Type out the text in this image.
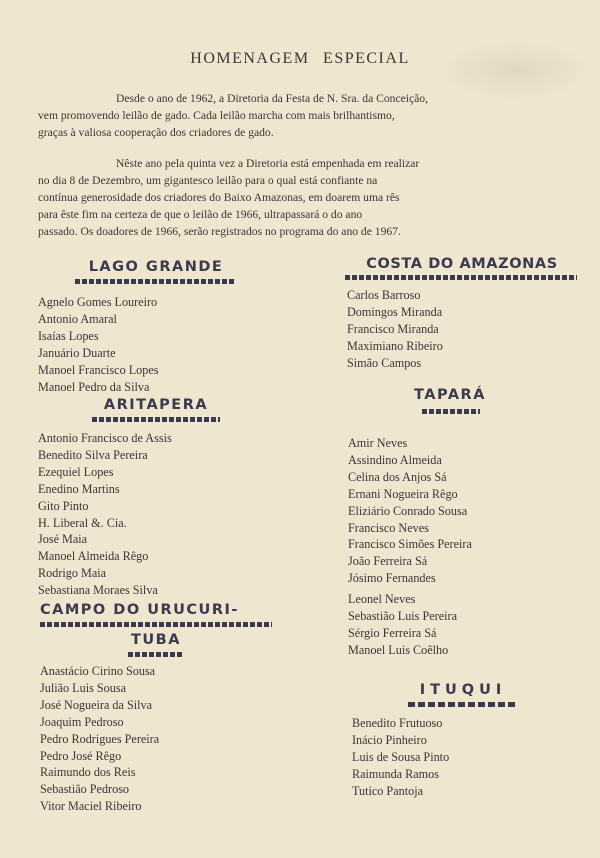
HOMENAGEM ESPECIAL
Desde o ano de 1962, a Diretoria da Festa de N. Sra. da Conceição,
vem promovendo leilão de gado. Cada leilão marcha com mais brilhantismo,
graças à valiosa cooperação dos criadores de gado.
Nêste ano pela quinta vez a Diretoria está empenhada em realizar
no dia 8 de Dezembro, um gigantesco leilão para o qual está confiante na
contínua generosidade dos criadores do Baixo Amazonas, em doarem uma rês
para êste fim na certeza de que o leilão de 1966, ultrapassará o do ano
passado. Os doadores de 1966, serão registrados no programa do ano de 1967.
LAGO GRANDE
Agnelo Gomes Loureiro
Antonio Amaral
Isaías Lopes
Januário Duarte
Manoel Francisco Lopes
Manoel Pedro da Silva
ARITAPERA
Antonio Francisco de Assis
Benedito Silva Pereira
Ezequiel Lopes
Enedino Martins
Gito Pinto
H. Liberal &. Cia.
José Maia
Manoel Almeida Rêgo
Rodrigo Maia
Sebastiana Moraes Silva
CAMPO DO URUCURI-
TUBA
Anastácio Cirino Sousa
Julião Luis Sousa
José Nogueira da Silva
Joaquim Pedroso
Pedro Rodrigues Pereira
Pedro José Rêgo
Raimundo dos Reis
Sebastião Pedroso
Vitor Maciel Ribeiro
COSTA DO AMAZONAS
Carlos Barroso
Domingos Miranda
Francisco Miranda
Maximiano Ribeiro
Simão Campos
TAPARÁ
Amir Neves
Assindino Almeida
Celina dos Anjos Sá
Ernani Nogueira Rêgo
Eliziário Conrado Sousa
Francisco Neves
Francisco Simões Pereira
João Ferreira Sá
Jósimo Fernandes
Leonel Neves
Sebastião Luis Pereira
Sérgio Ferreira Sá
Manoel Luis Coêlho
ITUQUI
Benedito Frutuoso
Inácio Pinheiro
Luis de Sousa Pinto
Raimunda Ramos
Tutico Pantoja
